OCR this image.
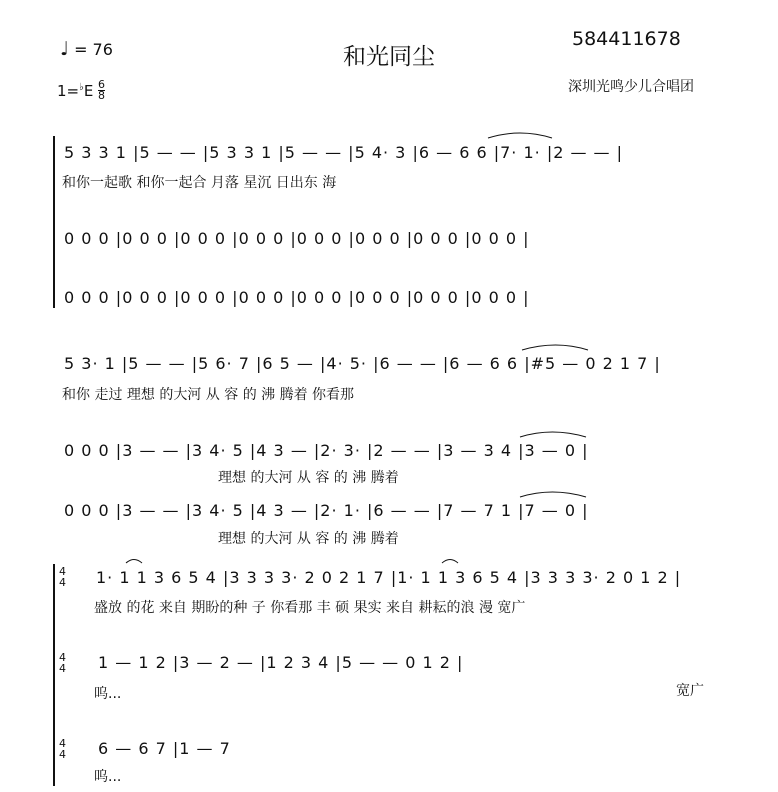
和光同尘
584411678
♩ = 76
1=♭E 6
8
深圳光鸣少儿合唱团
5 3 3 1 |5 — — |5 3 3 1 |5 — — |5 4· 3 |6 — 6 6 |7· 1· |2 — — |
和你一起歌 和你一起合 月落 星沉 日出东 海
0 0 0 |0 0 0 |0 0 0 |0 0 0 |0 0 0 |0 0 0 |0 0 0 |0 0 0 |
0 0 0 |0 0 0 |0 0 0 |0 0 0 |0 0 0 |0 0 0 |0 0 0 |0 0 0 |
5 3· 1 |5 — — |5 6· 7 |6 5 — |4· 5· |6 — — |6 — 6 6 |#5 — 0 2 1 7 |
和你 走过 理想 的大河 从 容 的 沸 腾着 你看那
0 0 0 |3 — — |3 4· 5 |4 3 — |2· 3· |2 — — |3 — 3 4 |3 — 0 |
理想 的大河 从 容 的 沸 腾着
0 0 0 |3 — — |3 4· 5 |4 3 — |2· 1· |6 — — |7 — 7 1 |7 — 0 |
理想 的大河 从 容 的 沸 腾着
4
4 1· 1 1 3 6 5 4 |3 3 3 3· 2 0 2 1 7 |1· 1 1 3 6 5 4 |3 3 3 3· 2 0 1 2 |
盛放 的花 来自 期盼的种 子 你看那 丰 硕 果实 来自 耕耘的浪 漫 宽广
4
4 1 — 1 2 |3 — 2 — |1 2 3 4 |5 — — 0 1 2 |
呜...	宽广
4
4 6 — 6 7 |1 — 7
呜...
